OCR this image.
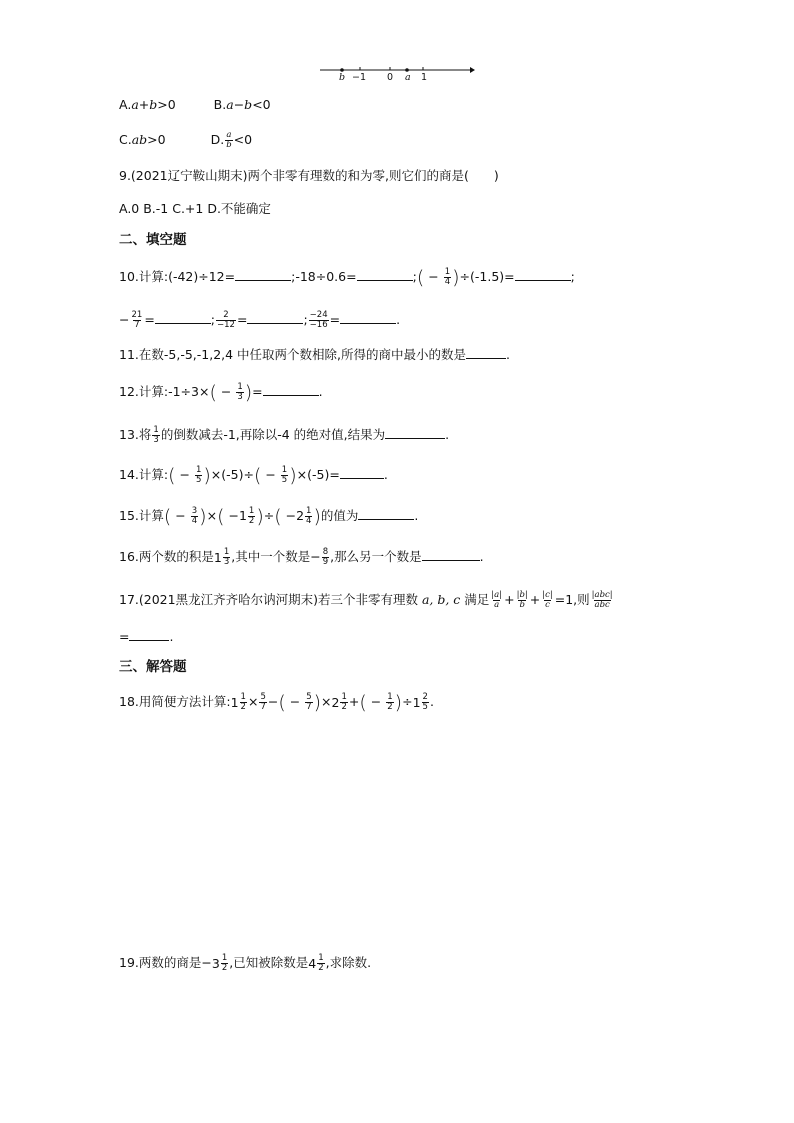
b −1 0 a 1
A.a+b>0	B.a−b<0
C.ab>0	D. $\frac{a}{b} <0$
9.(2021辽宁鞍山期末)两个非零有理数的和为零,则它们的商是(　　)
A.0 B.-1 C.+1 D.不能确定
二、填空题
10.计算:(-42)÷12=	;-18÷0.6=	;( − $\frac{1}{4} )\div(-1.5)=$	;
− $\frac{21}{7}$ =	; $\frac{2}{-12}$ =	; $\frac{-24}{-16}$ =	.
11.在数-5,-5,-1,2,4 中任取两个数相除,所得的商中最小的数是	.
12.计算:-1÷3×( − $\frac{1}{3}$ )=	.
13.将 $\frac{1}{3}$ 的倒数减去-1,再除以-4 的绝对值,结果为	.
14.计算:( − $\frac{1}{5} )\times(-5)\div( - \frac{1}{5} )\times(-5)=$	.
15.计算( − $\frac{3}{4}$ )×( $-1 \frac{1}{2}$ )÷( $-2 \frac{1}{4}$ )的值为	.
16.两个数的积是 $1 \frac{1}{3}$ ,其中一个数是− $\frac{8}{9}$ ,那么另一个数是	.
17.(2021黑龙江齐齐哈尔讷河期末)若三个非零有理数 a, b, c 满足 $\frac{|a|}{a} + \frac{|b|}{b} + \frac{|c|}{c} =1$,则 $\frac{\text{|abc|}}{\text{abc}}$
=	.
三、解答题
18.用简便方法计算: $1 \frac{1}{2} \times \frac{5}{7}$ −( − $\frac{5}{7}$ )× $2 \frac{1}{2}$ +( − $\frac{1}{2}$ )÷ $1 \frac{2}{5}$ .
19.两数的商是− $3 \frac{1}{2}$ ,已知被除数是 $4 \frac{1}{2}$ ,求除数.
